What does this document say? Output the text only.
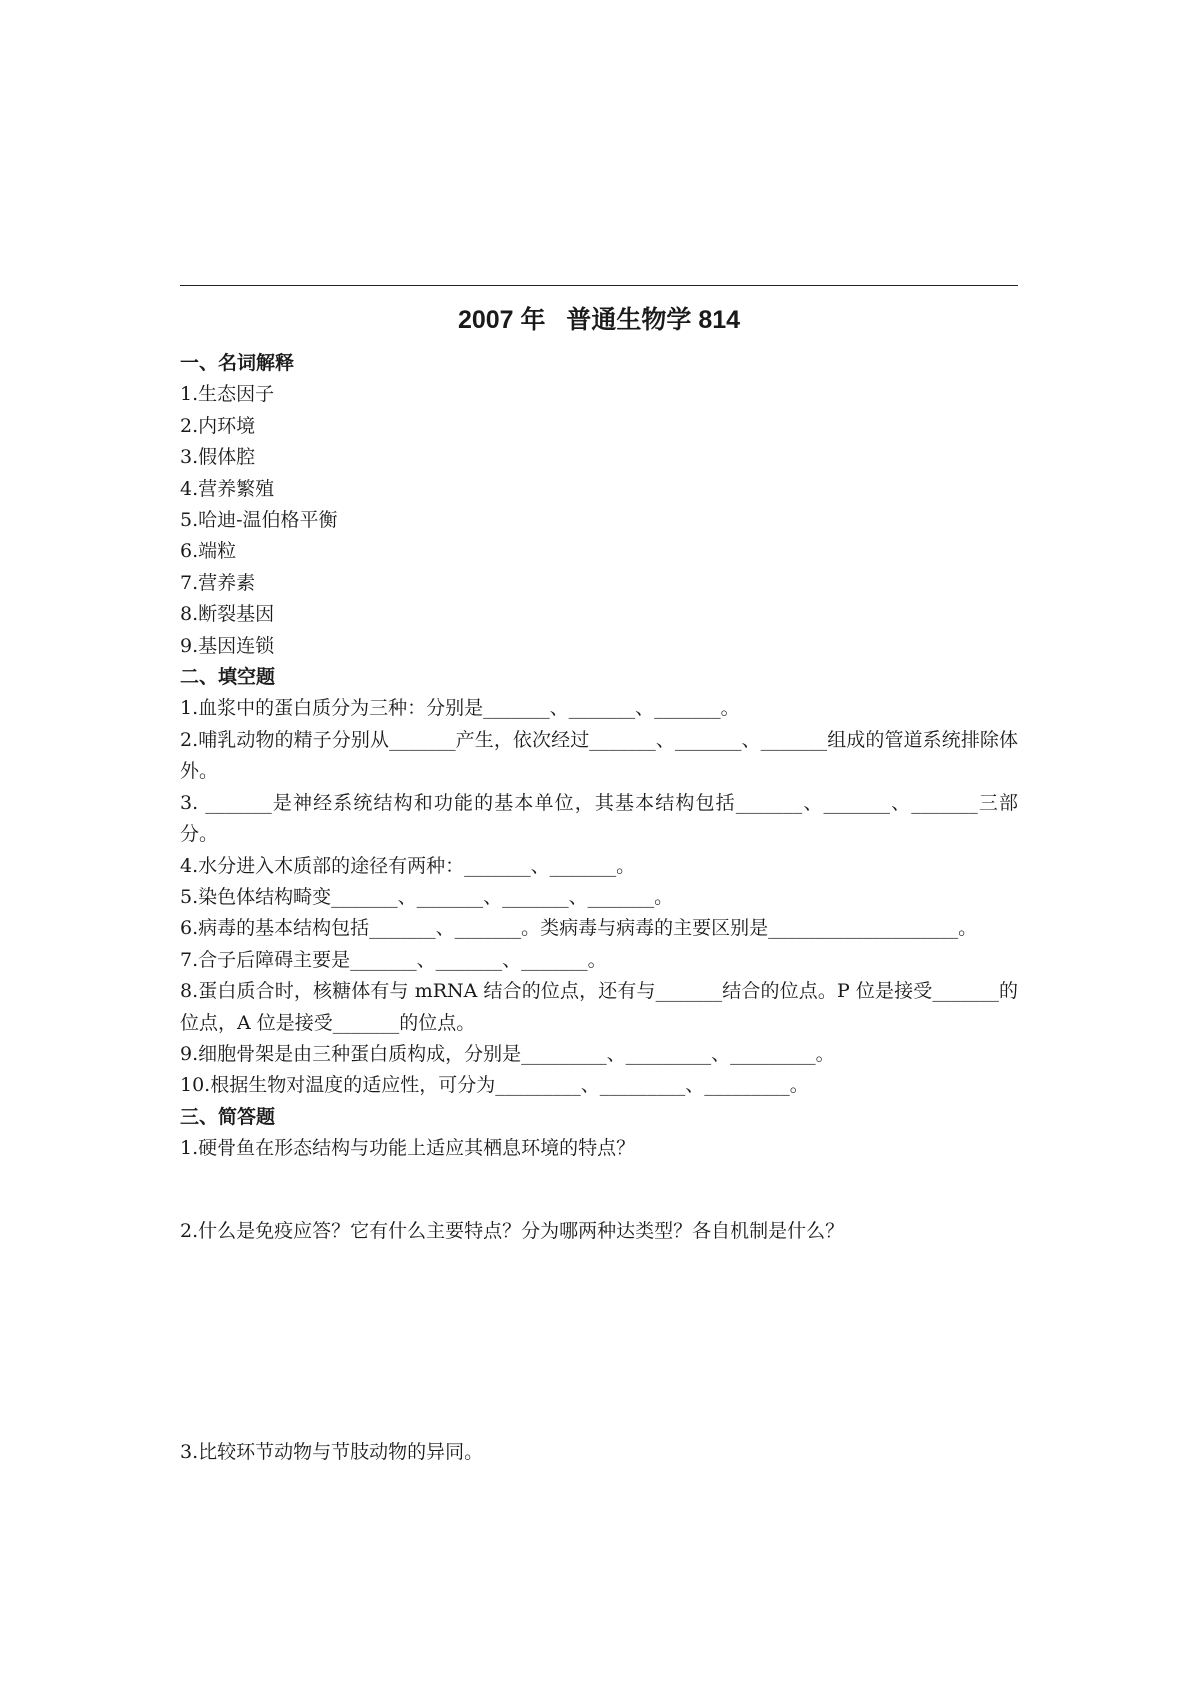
2007 年   普通生物学 814

一、名词解释

1.生态因子

2.内环境

3.假体腔

4.营养繁殖

5.哈迪-温伯格平衡

6.端粒

7.营养素

8.断裂基因

9.基因连锁

二、填空题

1.血浆中的蛋白质分为三种：分别是_______、_______、_______。

2.哺乳动物的精子分别从_______产生，依次经过_______、_______、_______组成的管道系统排除体外。

3. _______是神经系统结构和功能的基本单位，其基本结构包括_______、_______、_______三部分。

4.水分进入木质部的途径有两种：_______、_______。

5.染色体结构畸变_______、_______、_______、_______。

6.病毒的基本结构包括_______、_______。类病毒与病毒的主要区别是____________________。

7.合子后障碍主要是_______、_______、_______。

8.蛋白质合时，核糖体有与 mRNA 结合的位点，还有与_______结合的位点。P 位是接受_______的位点，A 位是接受_______的位点。

9.细胞骨架是由三种蛋白质构成，分别是_________、_________、_________。

10.根据生物对温度的适应性，可分为_________、_________、_________。

三、简答题

1.硬骨鱼在形态结构与功能上适应其栖息环境的特点？

2.什么是免疫应答？它有什么主要特点？分为哪两种达类型？各自机制是什么？

3.比较环节动物与节肢动物的异同。
